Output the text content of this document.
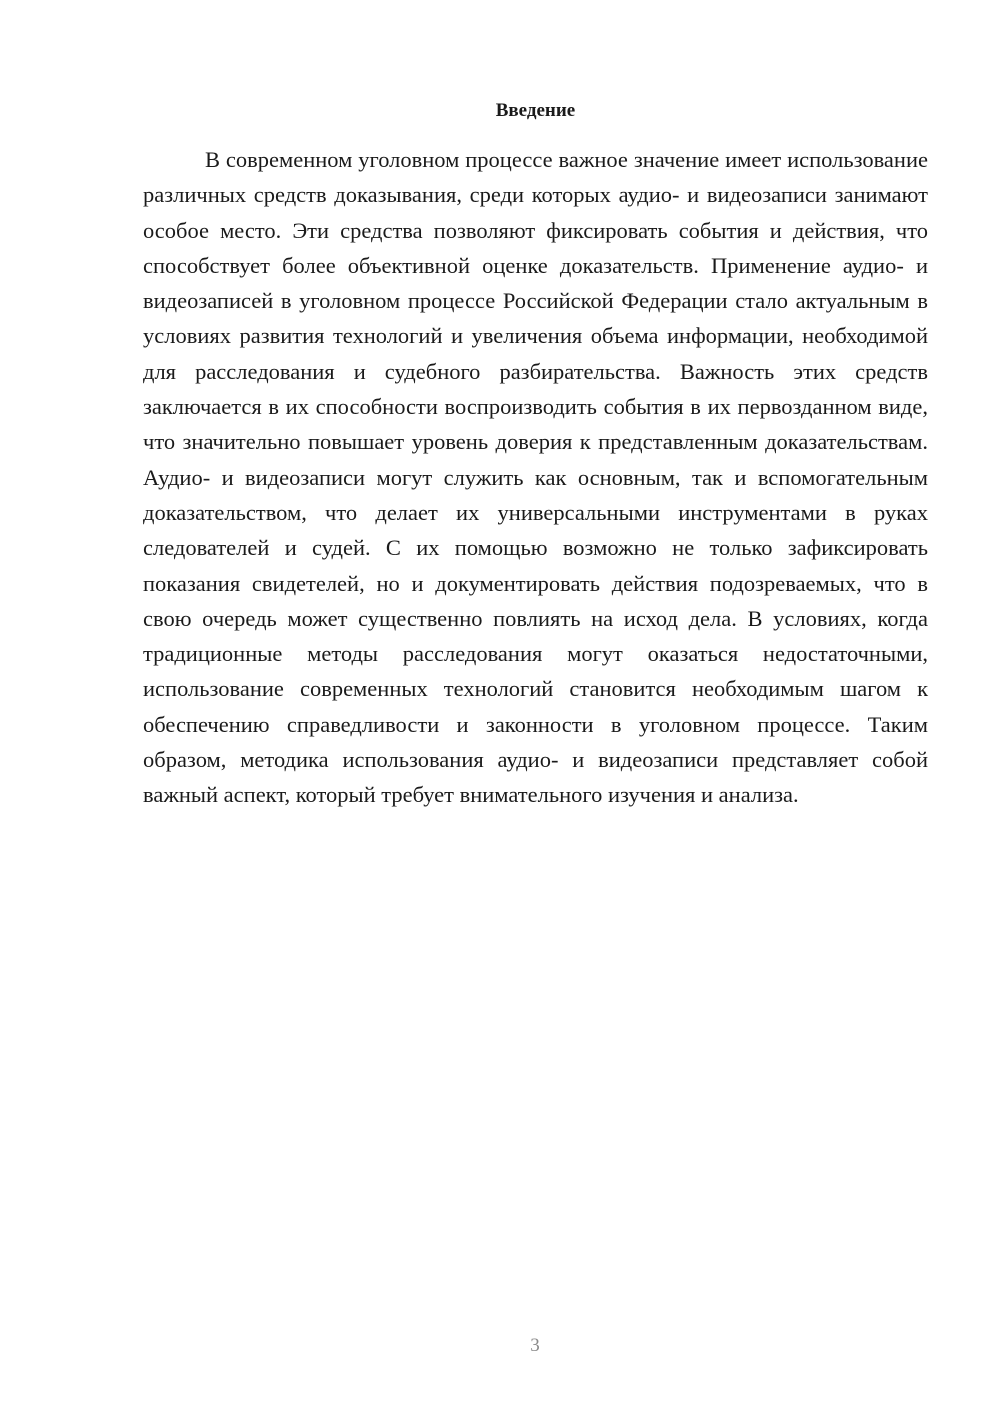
Введение

В современном уголовном процессе важное значение имеет использование различных средств доказывания, среди которых аудио- и видеозаписи занимают особое место. Эти средства позволяют фиксировать события и действия, что способствует более объективной оценке доказательств. Применение аудио- и видеозаписей в уголовном процессе Российской Федерации стало актуальным в условиях развития технологий и увеличения объема информации, необходимой для расследования и судебного разбирательства. Важность этих средств заключается в их способности воспроизводить события в их первозданном виде, что значительно повышает уровень доверия к представленным доказательствам. Аудио- и видеозаписи могут служить как основным, так и вспомогательным доказательством, что делает их универсальными инструментами в руках следователей и судей. С их помощью возможно не только зафиксировать показания свидетелей, но и документировать действия подозреваемых, что в свою очередь может существенно повлиять на исход дела. В условиях, когда традиционные методы расследования могут оказаться недостаточными, использование современных технологий становится необходимым шагом к обеспечению справедливости и законности в уголовном процессе. Таким образом, методика использования аудио- и видеозаписи представляет собой важный аспект, который требует внимательного изучения и анализа.

3
